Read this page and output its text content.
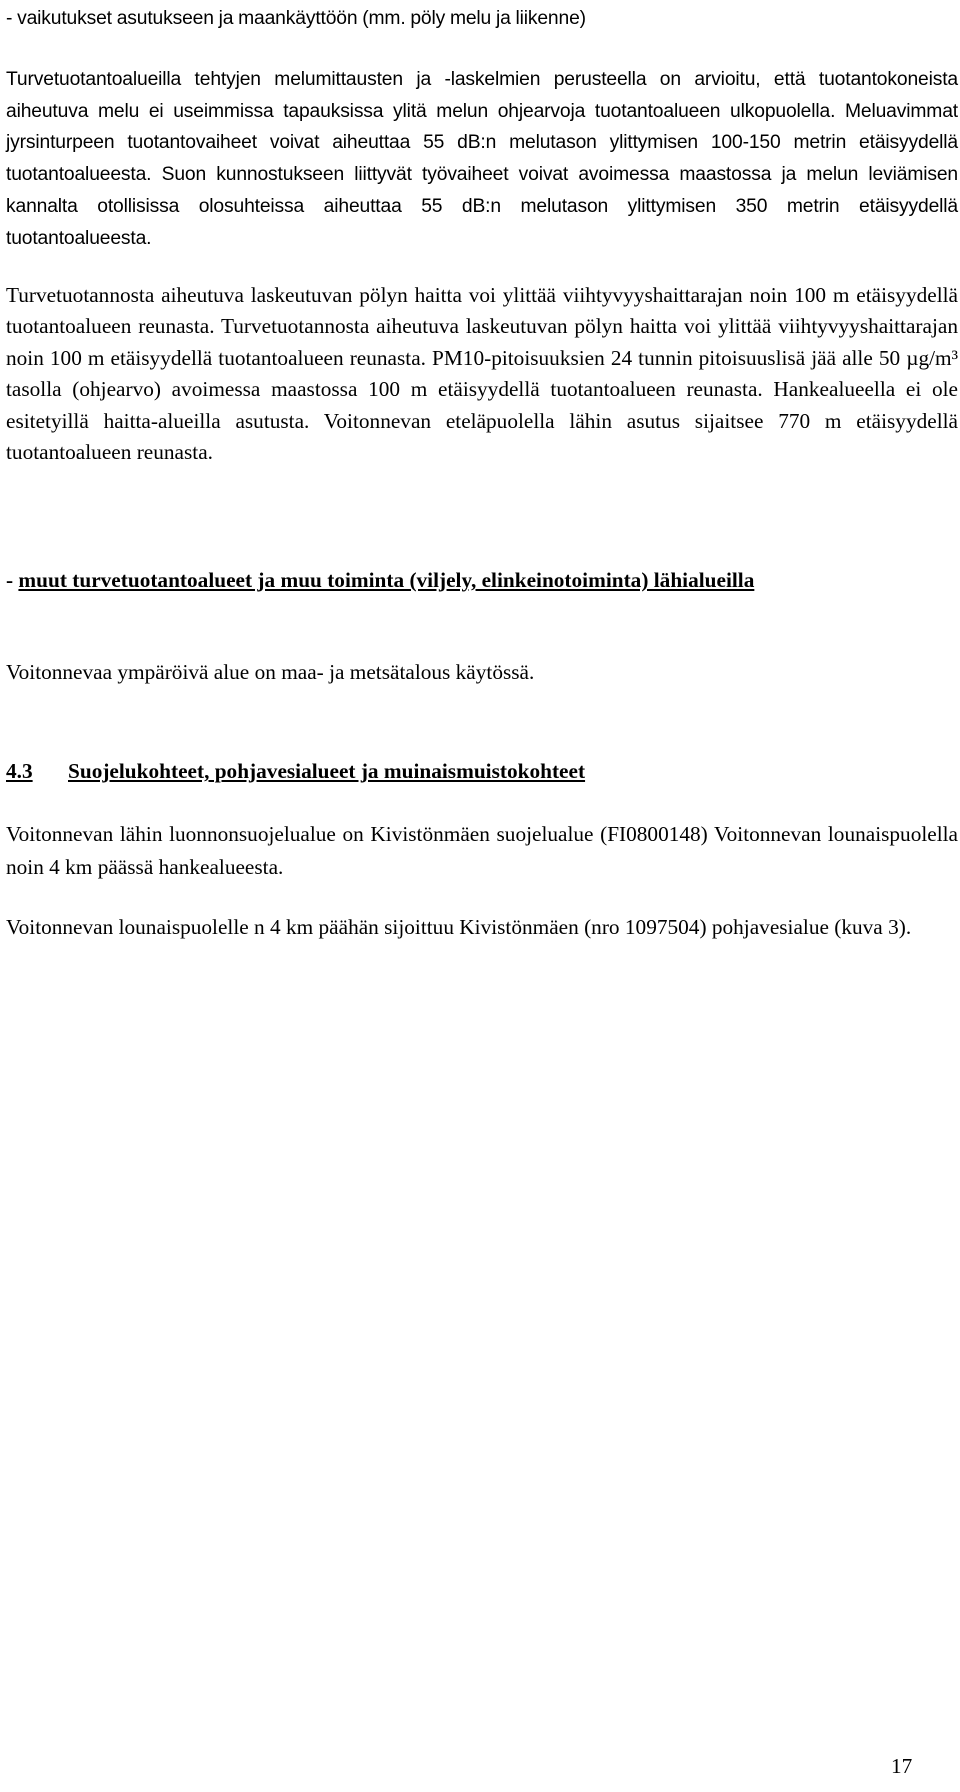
- vaikutukset asutukseen ja maankäyttöön (mm. pöly melu ja liikenne)

Turvetuotantoalueilla tehtyjen melumittausten ja -laskelmien perusteella on arvioitu, että tuotantokoneista aiheutuva melu ei useimmissa tapauksissa ylitä melun ohjearvoja tuotantoalueen ulkopuolella. Meluavimmat jyrsinturpeen tuotantovaiheet voivat aiheuttaa 55 dB:n melutason ylittymisen 100-150 metrin etäisyydellä tuotantoalueesta. Suon kunnostukseen liittyvät työvaiheet voivat avoimessa maastossa ja melun leviämisen kannalta otollisissa olosuhteissa aiheuttaa 55 dB:n melutason ylittymisen 350 metrin etäisyydellä tuotantoalueesta.

Turvetuotannosta aiheutuva laskeutuvan pölyn haitta voi ylittää viihtyvyyshaittarajan noin 100 m etäisyydellä tuotantoalueen reunasta. Turvetuotannosta aiheutuva laskeutuvan pölyn haitta voi ylittää viihtyvyyshaittarajan noin 100 m etäisyydellä tuotantoalueen reunasta. PM10-pitoisuuksien 24 tunnin pitoisuuslisä jää alle 50 µg/m³ tasolla (ohjearvo) avoimessa maastossa 100 m etäisyydellä tuotantoalueen reunasta. Hankealueella ei ole esitetyillä haitta-alueilla asutusta. Voitonnevan eteläpuolella lähin asutus sijaitsee 770 m etäisyydellä tuotantoalueen reunasta.

- muut turvetuotantoalueet ja muu toiminta (viljely, elinkeinotoiminta) lähialueilla

Voitonnevaa ympäröivä alue on maa- ja metsätalous käytössä.

4.3 Suojelukohteet, pohjavesialueet ja muinaismuistokohteet

Voitonnevan lähin luonnonsuojelualue on Kivistönmäen suojelualue (FI0800148) Voitonnevan lounaispuolella noin 4 km päässä hankealueesta.

Voitonnevan lounaispuolelle n 4 km päähän sijoittuu Kivistönmäen (nro 1097504) pohjavesialue (kuva 3).

17
